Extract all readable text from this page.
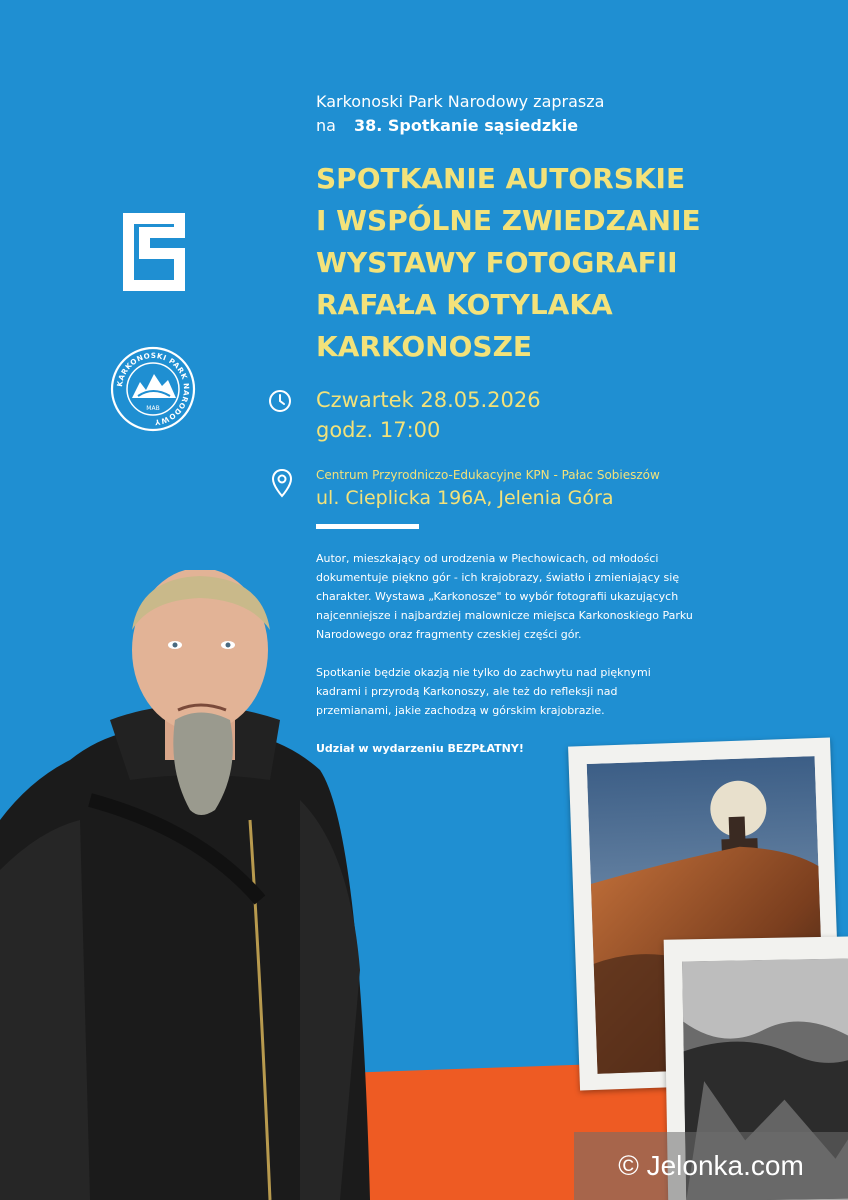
Karkonoski Park Narodowy zaprasza
na 38. Spotkanie sąsiedzkie
SPOTKANIE AUTORSKIE
I WSPÓLNE ZWIEDZANIE
WYSTAWY FOTOGRAFII
RAFAŁA KOTYLAKA
KARKONOSZE
KARKONOSKI PARK NARODOWY
MAB	Czwartek 28.05.2026
godz. 17:00
Centrum Przyrodniczo-Edukacyjne KPN - Pałac Sobieszów
ul. Cieplicka 196A, Jelenia Góra

Autor, mieszkający od urodzenia w Piechowicach, od młodości
dokumentuje piękno gór - ich krajobrazy, światło i zmieniający się
charakter. Wystawa „Karkonosze" to wybór fotografii ukazujących
najcenniejsze i najbardziej malownicze miejsca Karkonoskiego Parku
Narodowego oraz fragmenty czeskiej części gór.

Spotkanie będzie okazją nie tylko do zachwytu nad pięknymi
kadrami i przyrodą Karkonoszy, ale też do refleksji nad
przemianami, jakie zachodzą w górskim krajobrazie.

Udział w wydarzeniu BEZPŁATNY!

© Jelonka.com
